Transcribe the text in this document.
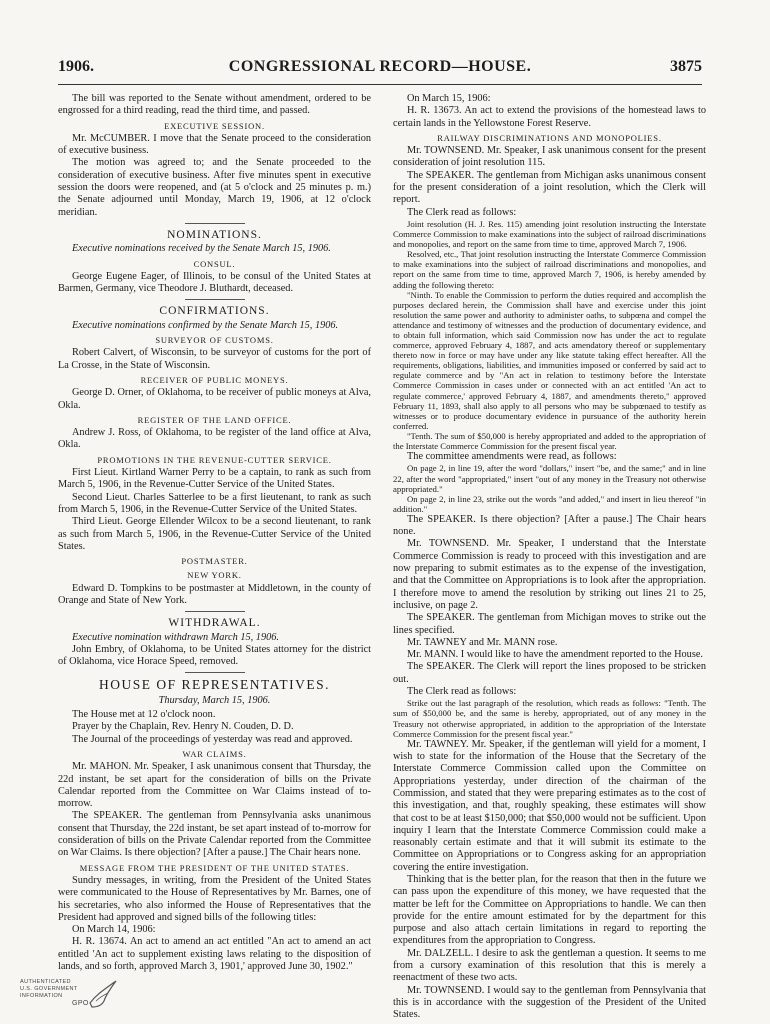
1906.	CONGRESSIONAL RECORD—HOUSE.	3875

The bill was reported to the Senate without amendment, ordered to be engrossed for a third reading, read the third time, and passed.

EXECUTIVE SESSION.

Mr. McCUMBER. I move that the Senate proceed to the consideration of executive business.

The motion was agreed to; and the Senate proceeded to the consideration of executive business. After five minutes spent in executive session the doors were reopened, and (at 5 o'clock and 25 minutes p. m.) the Senate adjourned until Monday, March 19, 1906, at 12 o'clock meridian.

NOMINATIONS.

Executive nominations received by the Senate March 15, 1906.

CONSUL.

George Eugene Eager, of Illinois, to be consul of the United States at Barmen, Germany, vice Theodore J. Bluthardt, deceased.

CONFIRMATIONS.

Executive nominations confirmed by the Senate March 15, 1906.

SURVEYOR OF CUSTOMS.

Robert Calvert, of Wisconsin, to be surveyor of customs for the port of La Crosse, in the State of Wisconsin.

RECEIVER OF PUBLIC MONEYS.

George D. Orner, of Oklahoma, to be receiver of public moneys at Alva, Okla.

REGISTER OF THE LAND OFFICE.

Andrew J. Ross, of Oklahoma, to be register of the land office at Alva, Okla.

PROMOTIONS IN THE REVENUE-CUTTER SERVICE.

First Lieut. Kirtland Warner Perry to be a captain, to rank as such from March 5, 1906, in the Revenue-Cutter Service of the United States.

Second Lieut. Charles Satterlee to be a first lieutenant, to rank as such from March 5, 1906, in the Revenue-Cutter Service of the United States.

Third Lieut. George Ellender Wilcox to be a second lieutenant, to rank as such from March 5, 1906, in the Revenue-Cutter Service of the United States.

POSTMASTER.
NEW YORK.

Edward D. Tompkins to be postmaster at Middletown, in the county of Orange and State of New York.

WITHDRAWAL.

Executive nomination withdrawn March 15, 1906.

John Embry, of Oklahoma, to be United States attorney for the district of Oklahoma, vice Horace Speed, removed.

HOUSE OF REPRESENTATIVES.

Thursday, March 15, 1906.

The House met at 12 o'clock noon.

Prayer by the Chaplain, Rev. Henry N. Couden, D. D.

The Journal of the proceedings of yesterday was read and approved.

WAR CLAIMS.

Mr. MAHON. Mr. Speaker, I ask unanimous consent that Thursday, the 22d instant, be set apart for the consideration of bills on the Private Calendar reported from the Committee on War Claims instead of to-morrow.

The SPEAKER. The gentleman from Pennsylvania asks unanimous consent that Thursday, the 22d instant, be set apart instead of to-morrow for consideration of bills on the Private Calendar reported from the Committee on War Claims. Is there objection? [After a pause.] The Chair hears none.

MESSAGE FROM THE PRESIDENT OF THE UNITED STATES.

Sundry messages, in writing, from the President of the United States were communicated to the House of Representatives by Mr. Barnes, one of his secretaries, who also informed the House of Representatives that the President had approved and signed bills of the following titles:

On March 14, 1906:

H. R. 13674. An act to amend an act entitled "An act to amend an act entitled 'An act to supplement existing laws relating to the disposition of lands, and so forth, approved March 3, 1901,' approved June 30, 1902."

On March 15, 1906:

H. R. 13673. An act to extend the provisions of the homestead laws to certain lands in the Yellowstone Forest Reserve.

RAILWAY DISCRIMINATIONS AND MONOPOLIES.

Mr. TOWNSEND. Mr. Speaker, I ask unanimous consent for the present consideration of joint resolution 115.

The SPEAKER. The gentleman from Michigan asks unanimous consent for the present consideration of a joint resolution, which the Clerk will report.

The Clerk read as follows:

Joint resolution (H. J. Res. 115) amending joint resolution instructing the Interstate Commerce Commission to make examinations into the subject of railroad discriminations and monopolies, and report on the same from time to time, approved March 7, 1906.

Resolved, etc., That joint resolution instructing the Interstate Commerce Commission to make examinations into the subject of railroad discriminations and monopolies, and report on the same from time to time, approved March 7, 1906, is hereby amended by adding the following thereto:

"Ninth. To enable the Commission to perform the duties required and accomplish the purposes declared herein, the Commission shall have and exercise under this joint resolution the same power and authority to administer oaths, to subpœna and compel the attendance and testimony of witnesses and the production of documentary evidence, and to obtain full information, which said Commission now has under the act to regulate commerce, approved February 4, 1887, and acts amendatory thereof or supplementary thereto now in force or may have under any like statute taking effect hereafter. All the requirements, obligations, liabilities, and immunities imposed or conferred by said act to regulate commerce and by "An act in relation to testimony before the Interstate Commerce Commission in cases under or connected with an act entitled 'An act to regulate commerce,' approved February 4, 1887, and amendments thereto," approved February 11, 1893, shall also apply to all persons who may be subpœnaed to testify as witnesses or to produce documentary evidence in pursuance of the authority herein conferred.

"Tenth. The sum of $50,000 is hereby appropriated and added to the appropriation of the Interstate Commerce Commission for the present fiscal year.

The committee amendments were read, as follows:

On page 2, in line 19, after the word "dollars," insert "be, and the same;" and in line 22, after the word "appropriated," insert "out of any money in the Treasury not otherwise appropriated."

On page 2, in line 23, strike out the words "and added," and insert in lieu thereof "in addition."

The SPEAKER. Is there objection? [After a pause.] The Chair hears none.

Mr. TOWNSEND. Mr. Speaker, I understand that the Interstate Commerce Commission is ready to proceed with this investigation and are now preparing to submit estimates as to the expense of the investigation, and that the Committee on Appropriations is to look after the appropriation. I therefore move to amend the resolution by striking out lines 21 to 25, inclusive, on page 2.

The SPEAKER. The gentleman from Michigan moves to strike out the lines specified.

Mr. TAWNEY and Mr. MANN rose.

Mr. MANN. I would like to have the amendment reported to the House.

The SPEAKER. The Clerk will report the lines proposed to be stricken out.

The Clerk read as follows:

Strike out the last paragraph of the resolution, which reads as follows: "Tenth. The sum of $50,000 be, and the same is hereby, appropriated, out of any money in the Treasury not otherwise appropriated, in addition to the appropriation of the Interstate Commerce Commission for the present fiscal year."

Mr. TAWNEY. Mr. Speaker, if the gentleman will yield for a moment, I wish to state for the information of the House that the Secretary of the Interstate Commerce Commission called upon the Committee on Appropriations yesterday, under direction of the chairman of the Commission, and stated that they were preparing estimates as to the cost of this investigation, and that, roughly speaking, these estimates will show that cost to be at least $150,000; that $50,000 would not be sufficient. Upon inquiry I learn that the Interstate Commerce Commission could make a reasonably certain estimate and that it will submit its estimate to the Committee on Appropriations or to Congress asking for an appropriation covering the entire investigation.

Thinking that is the better plan, for the reason that then in the future we can pass upon the expenditure of this money, we have requested that the matter be left for the Committee on Appropriations to handle. We can then provide for the entire amount estimated for by the department for this purpose and also attach certain limitations in regard to reporting the expenditures from the appropriation to Congress.

Mr. DALZELL. I desire to ask the gentleman a question. It seems to me from a cursory examination of this resolution that this is merely a reenactment of these two acts.

Mr. TOWNSEND. I would say to the gentleman from Pennsylvania that this is in accordance with the suggestion of the President of the United States.

AUTHENTICATED
U.S. GOVERNMENT
INFORMATION
GPO
